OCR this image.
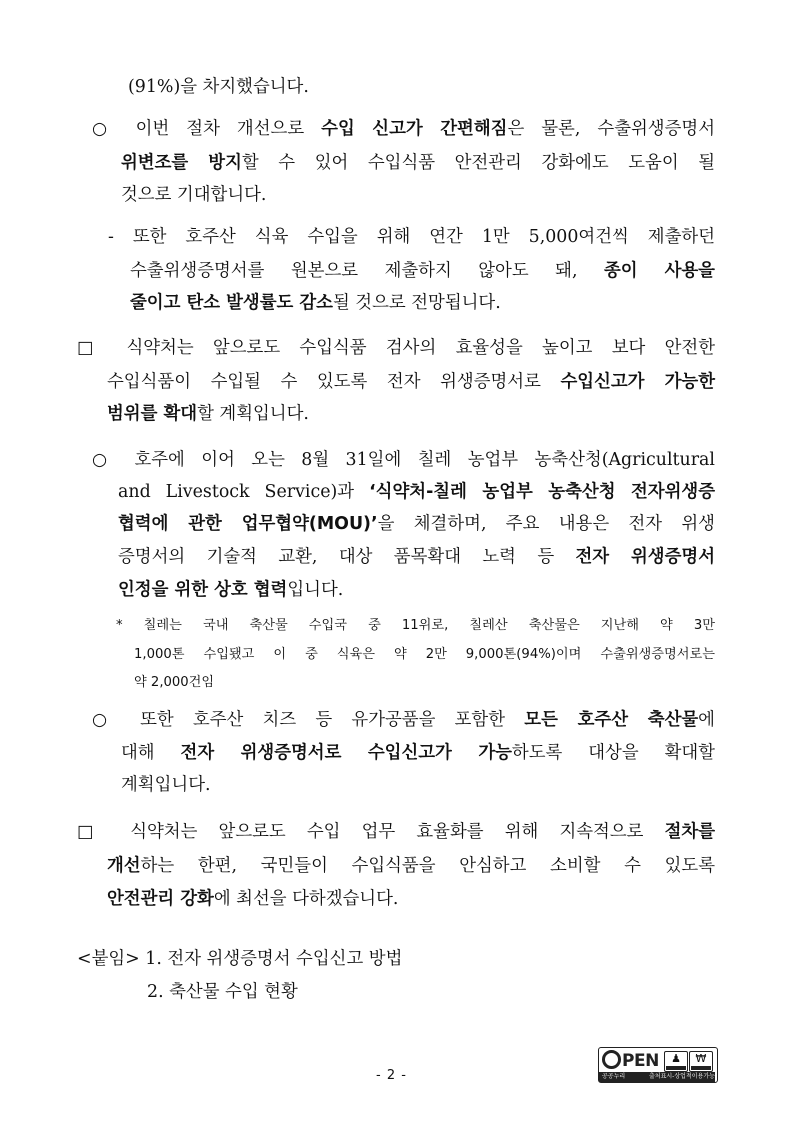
(91%)을 차지했습니다.
○ 이번 절차 개선으로 수입 신고가 간편해짐은 물론, 수출위생증명서
위변조를 방지할 수 있어 수입식품 안전관리 강화에도 도움이 될
것으로 기대합니다.
- 또한 호주산 식육 수입을 위해 연간 1만 5,000여건씩 제출하던
수출위생증명서를 원본으로 제출하지 않아도 돼, 종이 사용을
줄이고 탄소 발생률도 감소될 것으로 전망됩니다.
□ 식약처는 앞으로도 수입식품 검사의 효율성을 높이고 보다 안전한
수입식품이 수입될 수 있도록 전자 위생증명서로 수입신고가 가능한
범위를 확대할 계획입니다.
○ 호주에 이어 오는 8월 31일에 칠레 농업부 농축산청(Agricultural
and Livestock Service)과 ‘식약처-칠레 농업부 농축산청 전자위생증
협력에 관한 업무협약(MOU)’을 체결하며, 주요 내용은 전자 위생
증명서의 기술적 교환, 대상 품목확대 노력 등 전자 위생증명서
인정을 위한 상호 협력입니다.
* 칠레는 국내 축산물 수입국 중 11위로, 칠레산 축산물은 지난해 약 3만
1,000톤 수입됐고 이 중 식육은 약 2만 9,000톤(94%)이며 수출위생증명서로는
약 2,000건임
○ 또한 호주산 치즈 등 유가공품을 포함한 모든 호주산 축산물에
대해 전자 위생증명서로 수입신고가 가능하도록 대상을 확대할
계획입니다.
□ 식약처는 앞으로도 수입 업무 효율화를 위해 지속적으로 절차를
개선하는 한편, 국민들이 수입식품을 안심하고 소비할 수 있도록
안전관리 강화에 최선을 다하겠습니다.
<붙임> 1. 전자 위생증명서 수입신고 방법
2. 축산물 수입 현황
- 2 -
PEN	♟	₩
공공누리	출처표시-상업적이용가능
